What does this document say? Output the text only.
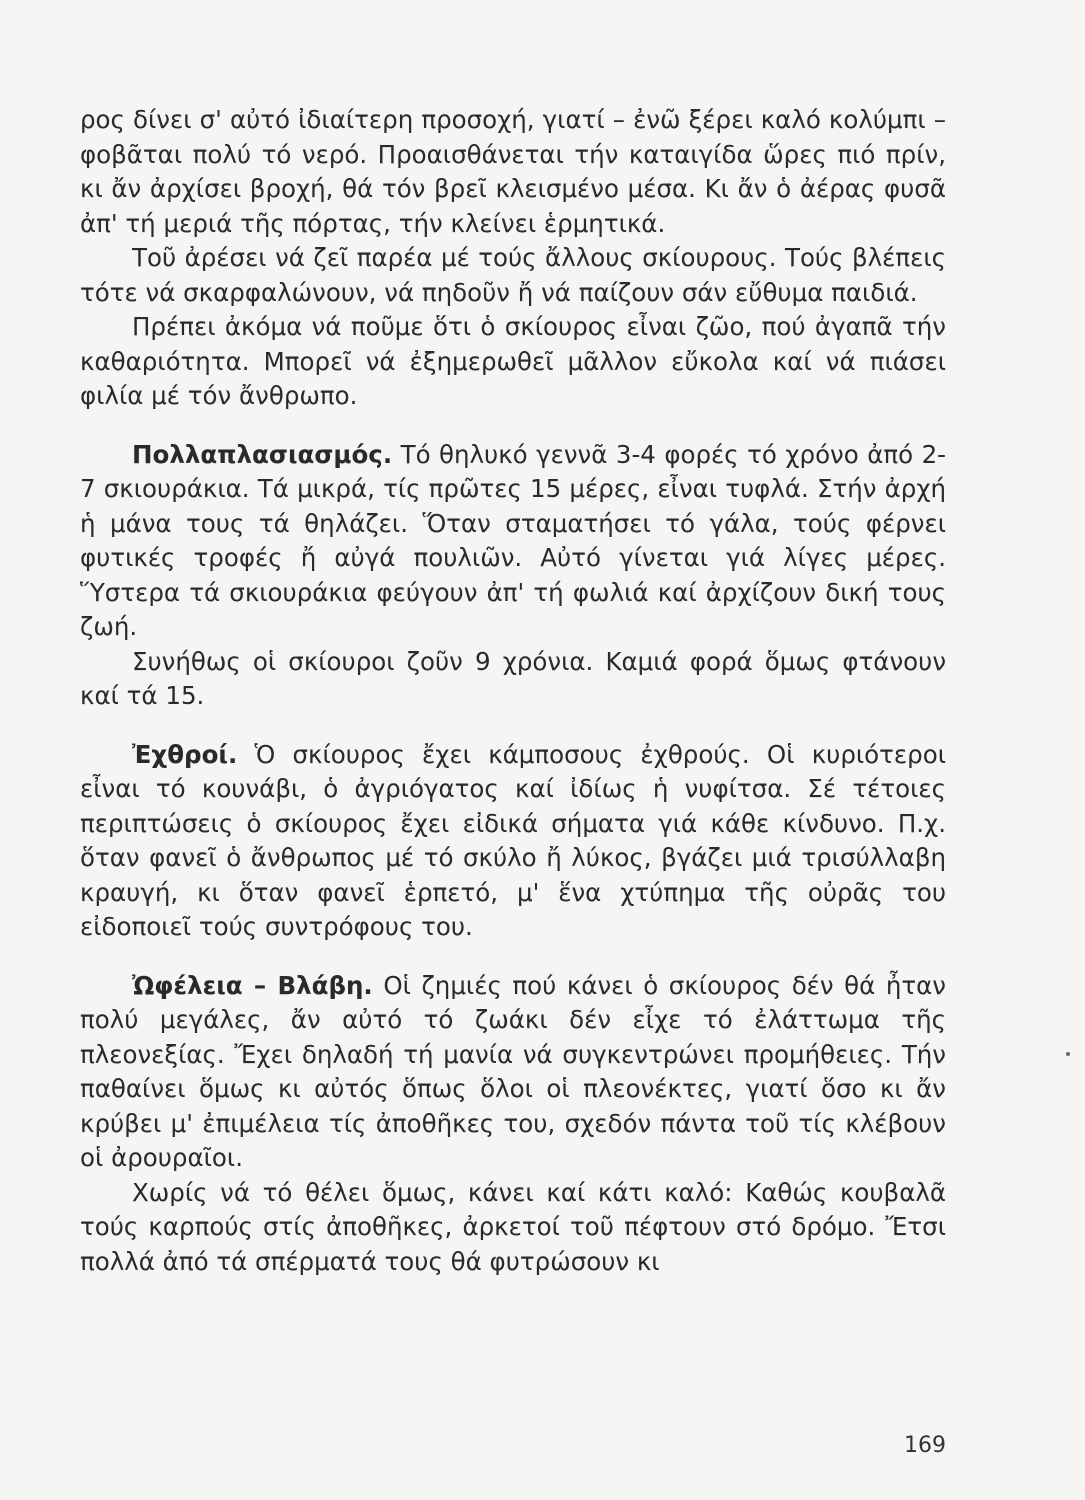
ρος δίνει σ' αὐτό ἰδιαίτερη προσοχή, γιατί – ἐνῶ ξέρει καλό κολύμπι – φοβᾶται πολύ τό νερό. Προαισθάνεται τήν καταιγίδα ὥρες πιό πρίν, κι ἄν ἀρχίσει βροχή, θά τόν βρεῖ κλεισμένο μέσα. Κι ἄν ὁ ἀέρας φυσᾶ ἀπ' τή μεριά τῆς πόρτας, τήν κλείνει ἑρμητικά.

Τοῦ ἀρέσει νά ζεῖ παρέα μέ τούς ἄλλους σκίουρους. Τούς βλέπεις τότε νά σκαρφαλώνουν, νά πηδοῦν ἤ νά παίζουν σάν εὔθυμα παιδιά.

Πρέπει ἀκόμα νά ποῦμε ὅτι ὁ σκίουρος εἶναι ζῶο, πού ἀγαπᾶ τήν καθαριότητα. Μπορεῖ νά ἐξημερωθεῖ μᾶλλον εὔκολα καί νά πιάσει φιλία μέ τόν ἄνθρωπο.

Πολλαπλασιασμός. Τό θηλυκό γεννᾶ 3-4 φορές τό χρόνο ἀπό 2-7 σκιουράκια. Τά μικρά, τίς πρῶτες 15 μέρες, εἶναι τυφλά. Στήν ἀρχή ἡ μάνα τους τά θηλάζει. Ὅταν σταματήσει τό γάλα, τούς φέρνει φυτικές τροφές ἤ αὐγά πουλιῶν. Αὐτό γίνεται γιά λίγες μέρες. Ὕστερα τά σκιουράκια φεύγουν ἀπ' τή φωλιά καί ἀρχίζουν δική τους ζωή.

Συνήθως οἱ σκίουροι ζοῦν 9 χρόνια. Καμιά φορά ὅμως φτάνουν καί τά 15.

Ἐχθροί. Ὁ σκίουρος ἔχει κάμποσους ἐχθρούς. Οἱ κυριότεροι εἶναι τό κουνάβι, ὁ ἀγριόγατος καί ἰδίως ἡ νυφίτσα. Σέ τέτοιες περιπτώσεις ὁ σκίουρος ἔχει εἰδικά σήματα γιά κάθε κίνδυνο. Π.χ. ὅταν φανεῖ ὁ ἄνθρωπος μέ τό σκύλο ἤ λύκος, βγάζει μιά τρισύλλαβη κραυγή, κι ὅταν φανεῖ ἑρπετό, μ' ἕνα χτύπημα τῆς οὐρᾶς του εἰδοποιεῖ τούς συντρόφους του.

Ὠφέλεια – Βλάβη. Οἱ ζημιές πού κάνει ὁ σκίουρος δέν θά ἦταν πολύ μεγάλες, ἄν αὐτό τό ζωάκι δέν εἶχε τό ἐλάττωμα τῆς πλεονεξίας. Ἔχει δηλαδή τή μανία νά συγκεντρώνει προμήθειες. Τήν παθαίνει ὅμως κι αὐτός ὅπως ὅλοι οἱ πλεονέκτες, γιατί ὅσο κι ἄν κρύβει μ' ἐπιμέλεια τίς ἀποθῆκες του, σχεδόν πάντα τοῦ τίς κλέβουν οἱ ἀρουραῖοι.

Χωρίς νά τό θέλει ὅμως, κάνει καί κάτι καλό: Καθώς κουβαλᾶ τούς καρπούς στίς ἀποθῆκες, ἀρκετοί τοῦ πέφτουν στό δρόμο. Ἔτσι πολλά ἀπό τά σπέρματά τους θά φυτρώσουν κι

169
